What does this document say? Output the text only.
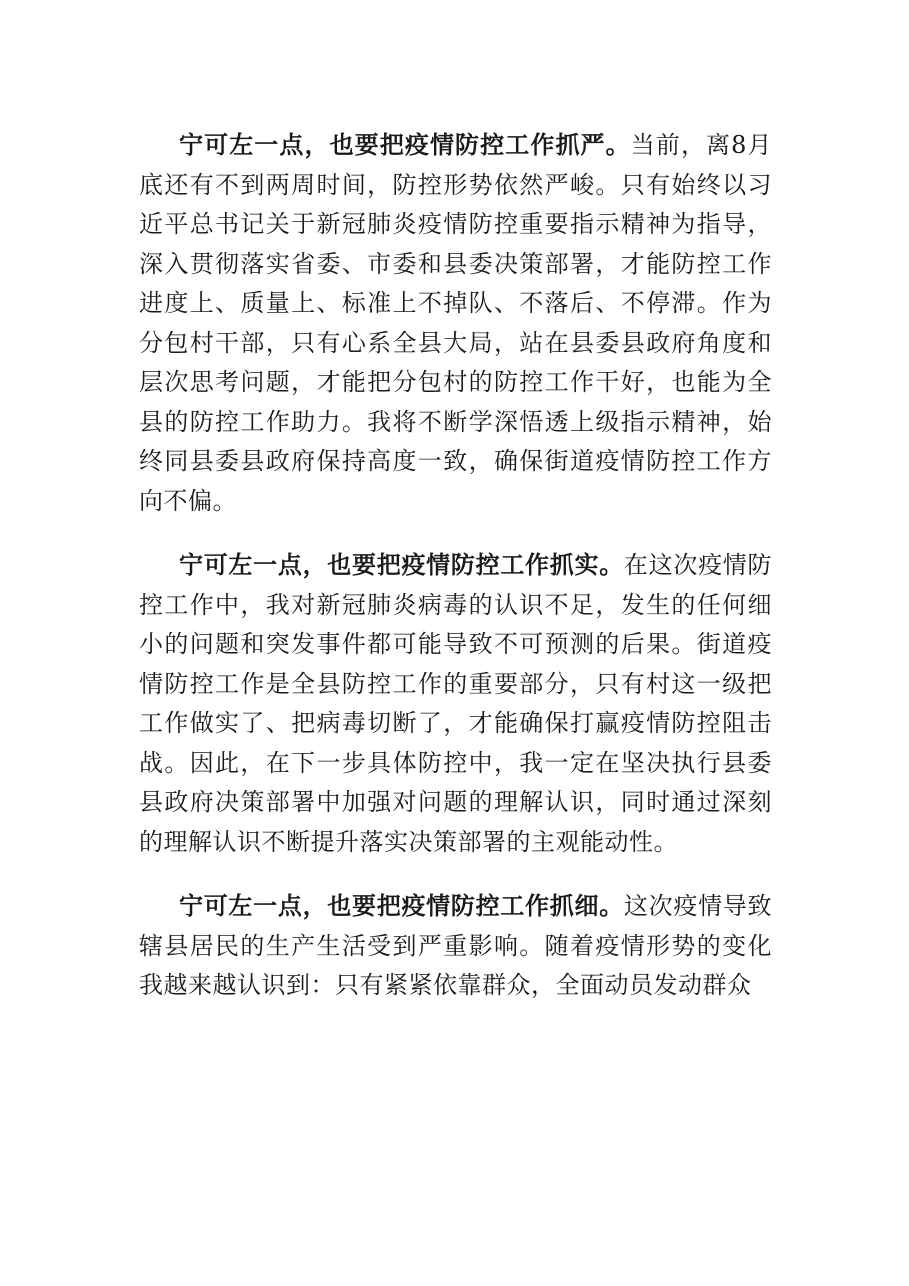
宁可左一点，也要把疫情防控工作抓严。当前，离8月底还有不到两周时间，防控形势依然严峻。只有始终以习近平总书记关于新冠肺炎疫情防控重要指示精神为指导，深入贯彻落实省委、市委和县委决策部署，才能防控工作进度上、质量上、标准上不掉队、不落后、不停滞。作为分包村干部，只有心系全县大局，站在县委县政府角度和层次思考问题，才能把分包村的防控工作干好，也能为全县的防控工作助力。我将不断学深悟透上级指示精神，始终同县委县政府保持高度一致，确保街道疫情防控工作方向不偏。

宁可左一点，也要把疫情防控工作抓实。在这次疫情防控工作中，我对新冠肺炎病毒的认识不足，发生的任何细小的问题和突发事件都可能导致不可预测的后果。街道疫情防控工作是全县防控工作的重要部分，只有村这一级把工作做实了、把病毒切断了，才能确保打赢疫情防控阻击战。因此，在下一步具体防控中，我一定在坚决执行县委县政府决策部署中加强对问题的理解认识，同时通过深刻的理解认识不断提升落实决策部署的主观能动性。

宁可左一点，也要把疫情防控工作抓细。这次疫情导致辖县居民的生产生活受到严重影响。随着疫情形势的变化我越来越认识到：只有紧紧依靠群众，全面动员发动群众
